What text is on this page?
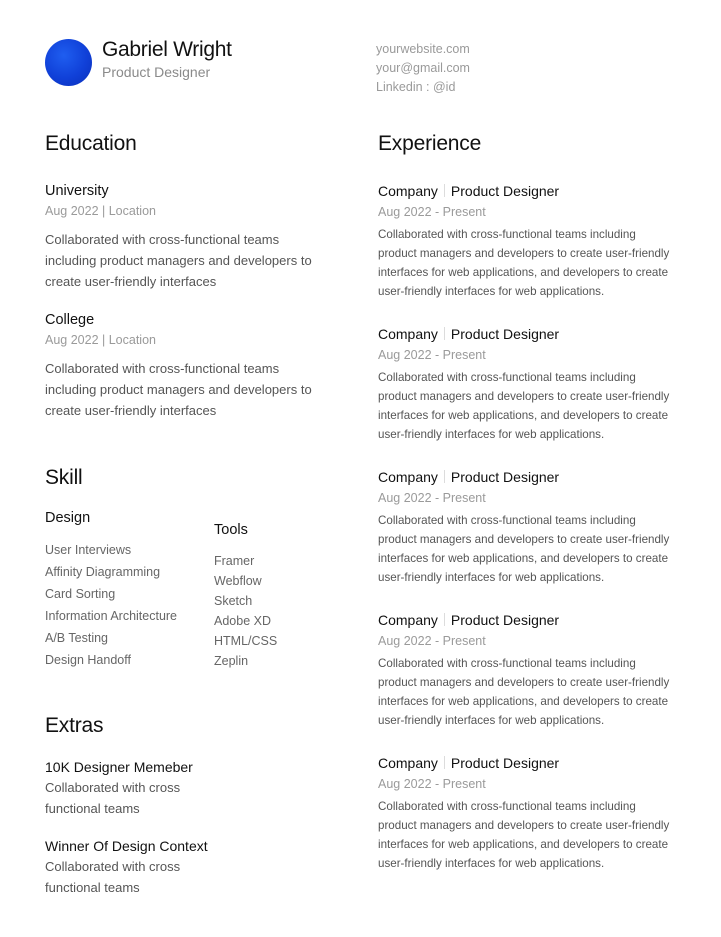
Gabriel Wright
Product Designer
yourwebsite.com
your@gmail.com
Linkedin : @id
Education
University
Aug 2022 | Location
Collaborated with cross-functional teams including product managers and developers to create user-friendly interfaces
College
Aug 2022 | Location
Collaborated with cross-functional teams including product managers and developers to create user-friendly interfaces
Skill
Design
User Interviews
Affinity Diagramming
Card Sorting
Information Architecture
A/B Testing
Design Handoff
Tools
Framer
Webflow
Sketch
Adobe XD
HTML/CSS
Zeplin
Extras
10K Designer Memeber
Collaborated with cross functional teams
Winner Of Design Context
Collaborated with cross functional teams
Experience
Company Product Designer
Aug 2022 - Present
Collaborated with cross-functional teams including product managers and developers to create user-friendly interfaces for web applications, and developers to create user-friendly interfaces for web applications.
Company Product Designer
Aug 2022 - Present
Collaborated with cross-functional teams including product managers and developers to create user-friendly interfaces for web applications, and developers to create user-friendly interfaces for web applications.
Company Product Designer
Aug 2022 - Present
Collaborated with cross-functional teams including product managers and developers to create user-friendly interfaces for web applications, and developers to create user-friendly interfaces for web applications.
Company Product Designer
Aug 2022 - Present
Collaborated with cross-functional teams including product managers and developers to create user-friendly interfaces for web applications, and developers to create user-friendly interfaces for web applications.
Company Product Designer
Aug 2022 - Present
Collaborated with cross-functional teams including product managers and developers to create user-friendly interfaces for web applications, and developers to create user-friendly interfaces for web applications.
